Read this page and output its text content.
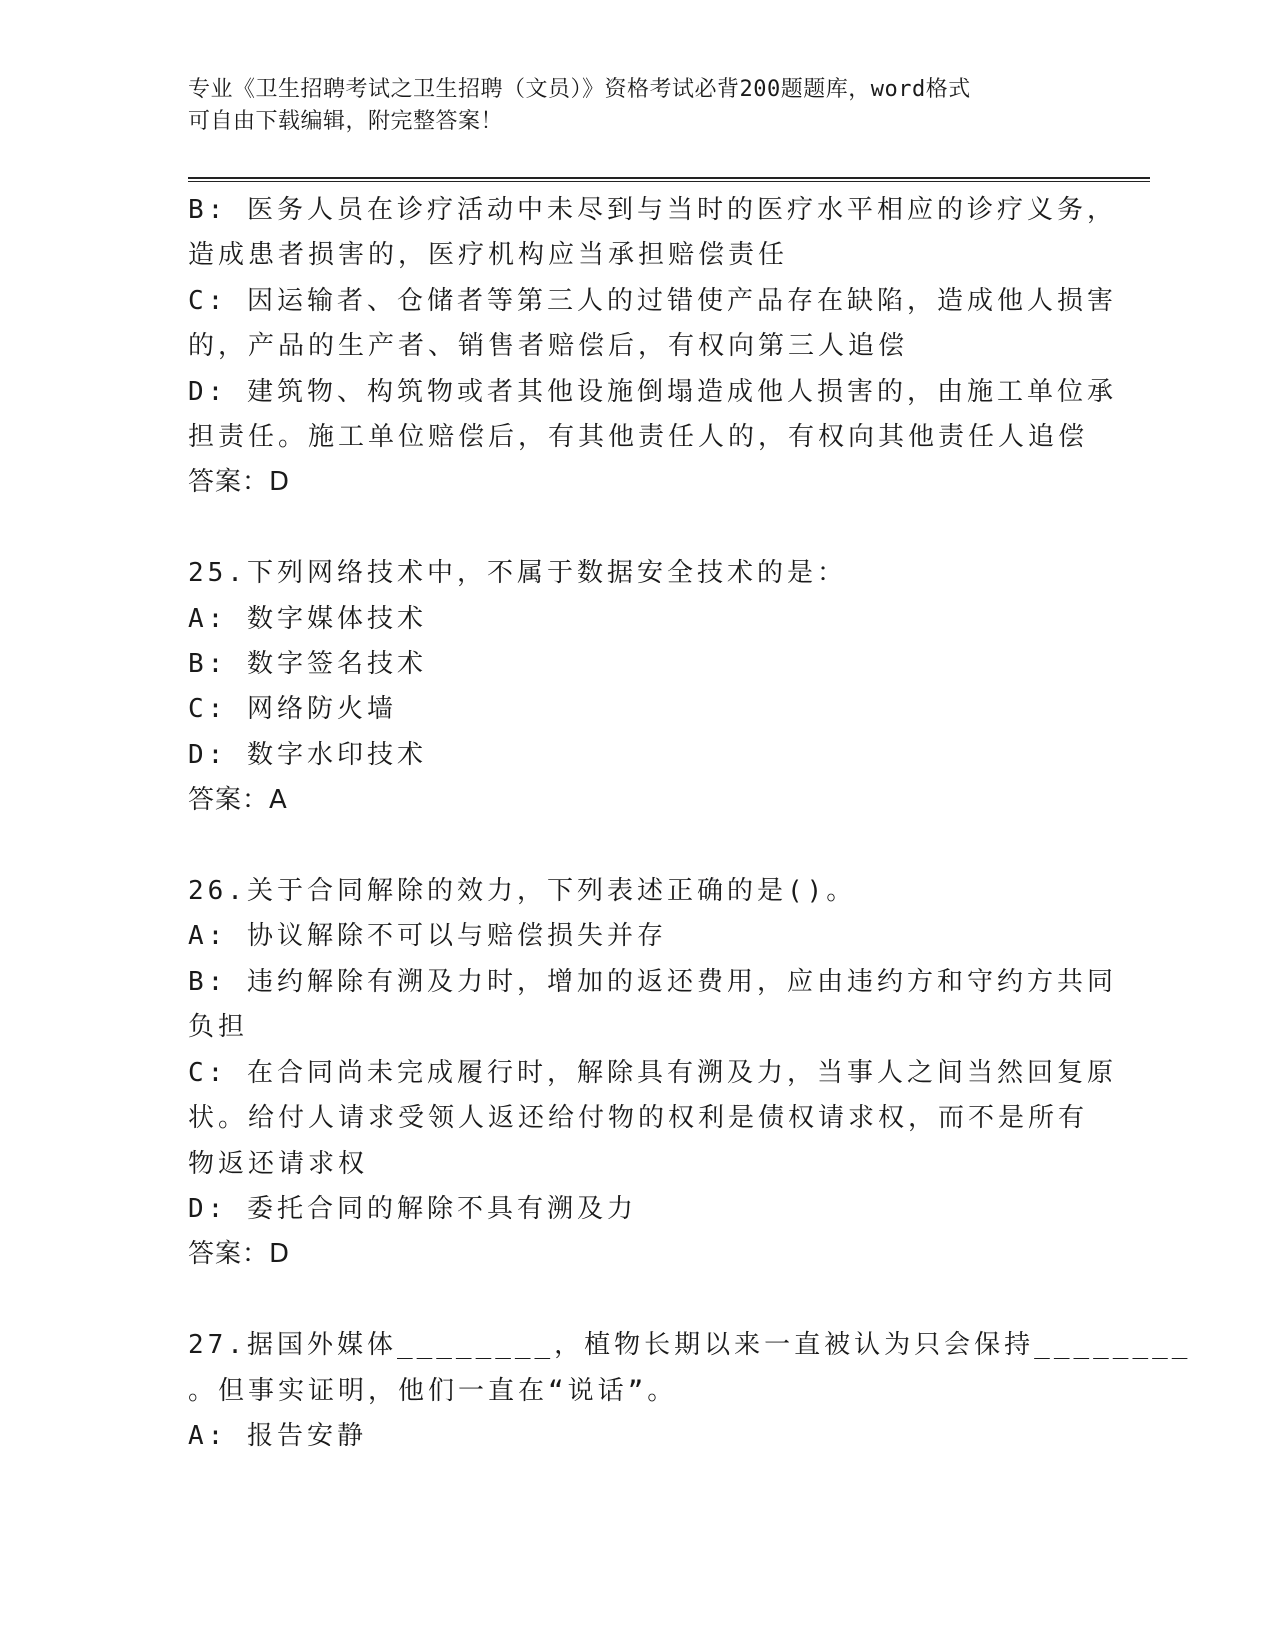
专业《卫生招聘考试之卫生招聘（文员）》资格考试必背200题题库，word格式
可自由下载编辑，附完整答案！
B: 医务人员在诊疗活动中未尽到与当时的医疗水平相应的诊疗义务，
造成患者损害的，医疗机构应当承担赔偿责任
C: 因运输者、仓储者等第三人的过错使产品存在缺陷，造成他人损害
的，产品的生产者、销售者赔偿后，有权向第三人追偿
D: 建筑物、构筑物或者其他设施倒塌造成他人损害的，由施工单位承
担责任。施工单位赔偿后，有其他责任人的，有权向其他责任人追偿
答案：D
25.下列网络技术中，不属于数据安全技术的是：
A: 数字媒体技术
B: 数字签名技术
C: 网络防火墙
D: 数字水印技术
答案：A
26.关于合同解除的效力，下列表述正确的是()。
A: 协议解除不可以与赔偿损失并存
B: 违约解除有溯及力时，增加的返还费用，应由违约方和守约方共同
负担
C: 在合同尚未完成履行时，解除具有溯及力，当事人之间当然回复原
状。给付人请求受领人返还给付物的权利是债权请求权，而不是所有
物返还请求权
D: 委托合同的解除不具有溯及力
答案：D
27.据国外媒体________，植物长期以来一直被认为只会保持________
。但事实证明，他们一直在“说话”。
A: 报告安静
